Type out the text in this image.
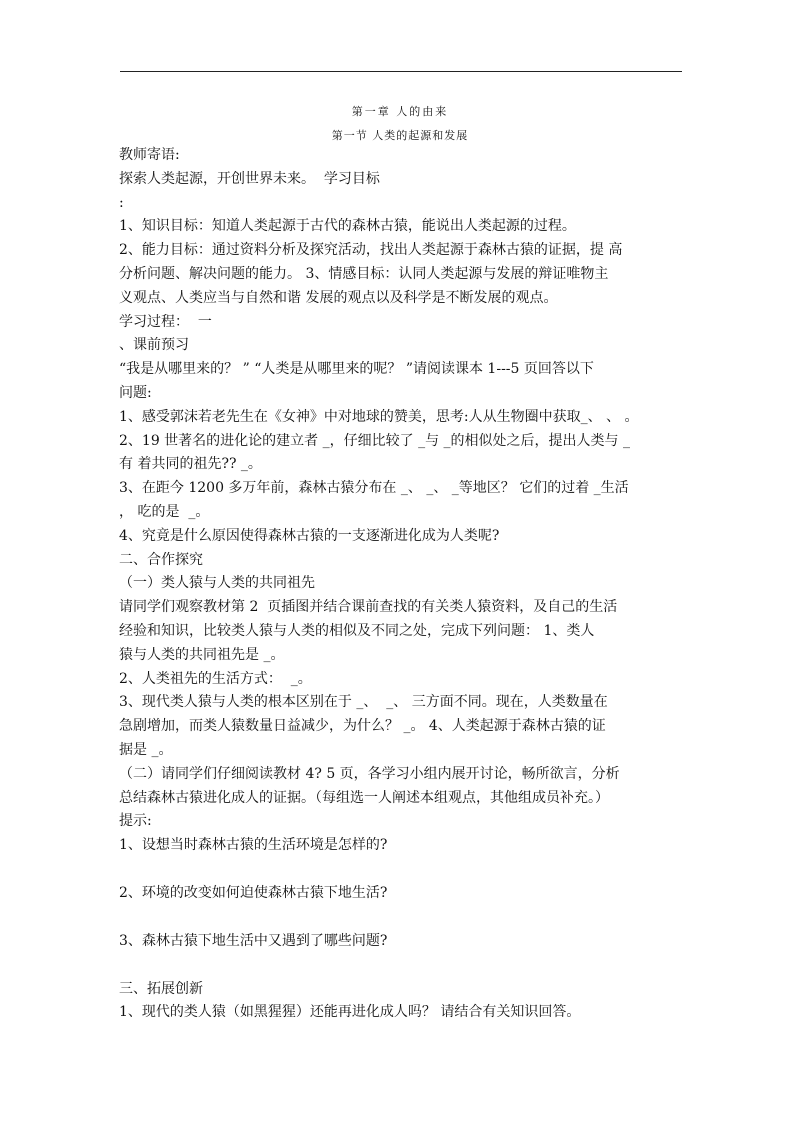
第一章 人的由来
第一节 人类的起源和发展

教师寄语:

探索人类起源，开创世界未来。  学习目标

:

1、知识目标：知道人类起源于古代的森林古猿，能说出人类起源的过程。

2、能力目标：通过资料分析及探究活动，找出人类起源于森林古猿的证据，提 高

分析问题、解决问题的能力。 3、情感目标：认同人类起源与发展的辩证唯物主

义观点、人类应当与自然和谐 发展的观点以及科学是不断发展的观点。

学习过程：  一

、课前预习

“我是从哪里来的？ ” “人类是从哪里来的呢？ ”请阅读课本 1---5 页回答以下

问题:

1、感受郭沫若老先生在《女神》中对地球的赞美，思考:人从生物圈中获取_、 、 。

2、19 世著名的进化论的建立者 _，仔细比较了 _与 _的相似处之后，提出人类与 _

有 着共同的祖先?? _。

3、在距今 1200 多万年前，森林古猿分布在 _、 _、 _等地区？ 它们的过着 _生活

， 吃的是  _。

4、究竟是什么原因使得森林古猿的一支逐渐进化成为人类呢?

二、合作探究

（一）类人猿与人类的共同祖先

请同学们观察教材第 2  页插图并结合课前查找的有关类人猿资料，及自己的生活

经验和知识，比较类人猿与人类的相似及不同之处，完成下列问题： 1、类人

猿与人类的共同祖先是 _。

2、人类祖先的生活方式：  _。

3、现代类人猿与人类的根本区别在于 _、  _、 三方面不同。现在，人类数量在

急剧增加，而类人猿数量日益减少，为什么？ _。 4、人类起源于森林古猿的证

据是 _。

（二）请同学们仔细阅读教材 4? 5 页，各学习小组内展开讨论，畅所欲言，分析

总结森林古猿进化成人的证据。（每组选一人阐述本组观点，其他组成员补充。）

提示:

1、设想当时森林古猿的生活环境是怎样的?

2、环境的改变如何迫使森林古猿下地生活?

3、森林古猿下地生活中又遇到了哪些问题?

三、拓展创新

1、现代的类人猿（如黑猩猩）还能再进化成人吗？ 请结合有关知识回答。
